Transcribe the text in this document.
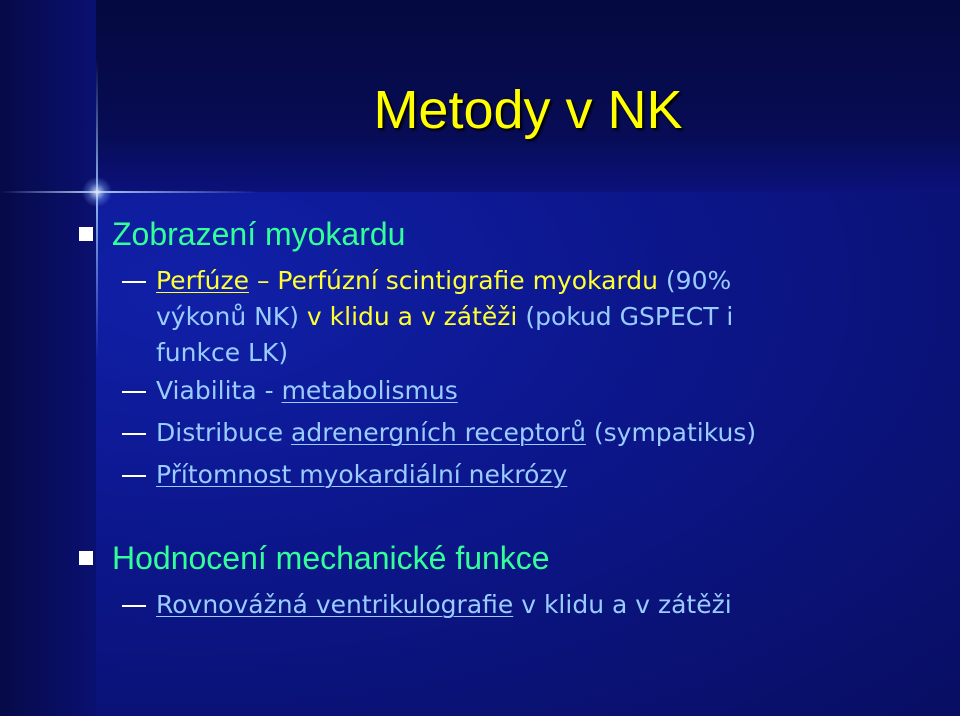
Metody v NK
Zobrazení myokardu
Perfúze – Perfúzní scintigrafie myokardu (90%
výkonů NK) v klidu a v zátěži (pokud GSPECT i
funkce LK)
Viabilita - metabolismus
Distribuce adrenergních receptorů (sympatikus)
Přítomnost myokardiální nekrózy
Hodnocení mechanické funkce
Rovnovážná ventrikulografie v klidu a v zátěži
